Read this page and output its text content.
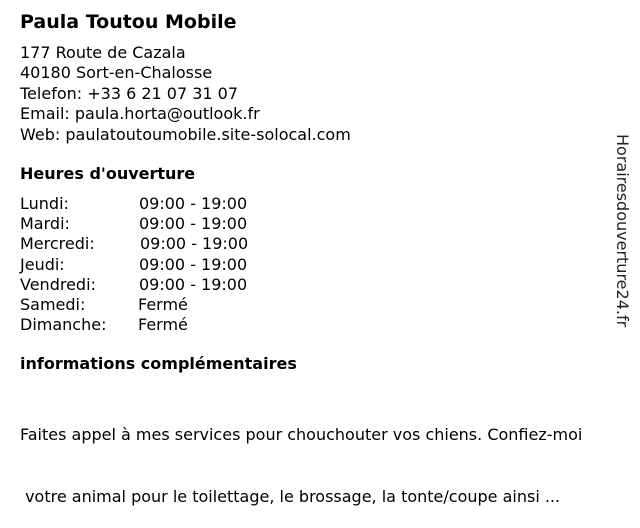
Paula Toutou Mobile
177 Route de Cazala
40180 Sort-en-Chalosse
Telefon: +33 6 21 07 31 07
Email: paula.horta@outlook.fr
Web: paulatoutoumobile.site-solocal.com
Heures d'ouverture
Lundi:	09:00 - 19:00
Mardi:	09:00 - 19:00
Mercredi:	09:00 - 19:00
Jeudi:	09:00 - 19:00
Vendredi:	09:00 - 19:00
Samedi:	Fermé
Dimanche: Fermé
informations complémentaires

Faites appel à mes services pour chouchouter vos chiens. Confiez-moi

votre animal pour le toilettage, le brossage, la tonte/coupe ainsi ...

Horairesdouverture24.fr
